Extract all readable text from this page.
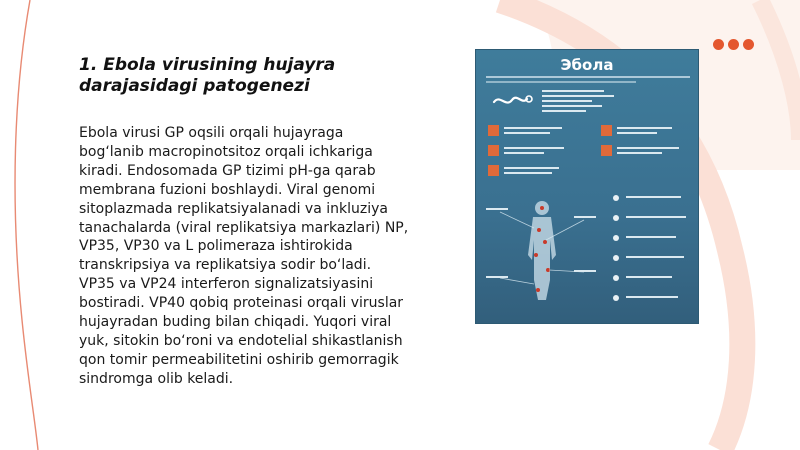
1. Ebola virusining hujayra darajasidagi patogenezi
Ebola virusi GP oqsili orqali hujayraga bog‘lanib macropinotsitoz orqali ichkariga kiradi. Endosomada GP tizimi pH-ga qarab membrana fuzioni boshlaydi. Viral genomi sitoplazmada replikatsiyalanadi va inkluziya tanachalarda (viral replikatsiya markazlari) NP, VP35, VP30 va L polimeraza ishtirokida transkripsiya va replikatsiya sodir bo‘ladi. VP35 va VP24 interferon signalizatsiyasini bostiradi. VP40 qobiq proteinasi orqali viruslar hujayradan buding bilan chiqadi. Yuqori viral yuk, sitokin bo‘roni va endotelial shikastlanish qon tomir permeabilitetini oshirib gemorragik sindromga olib keladi.
Эбола
